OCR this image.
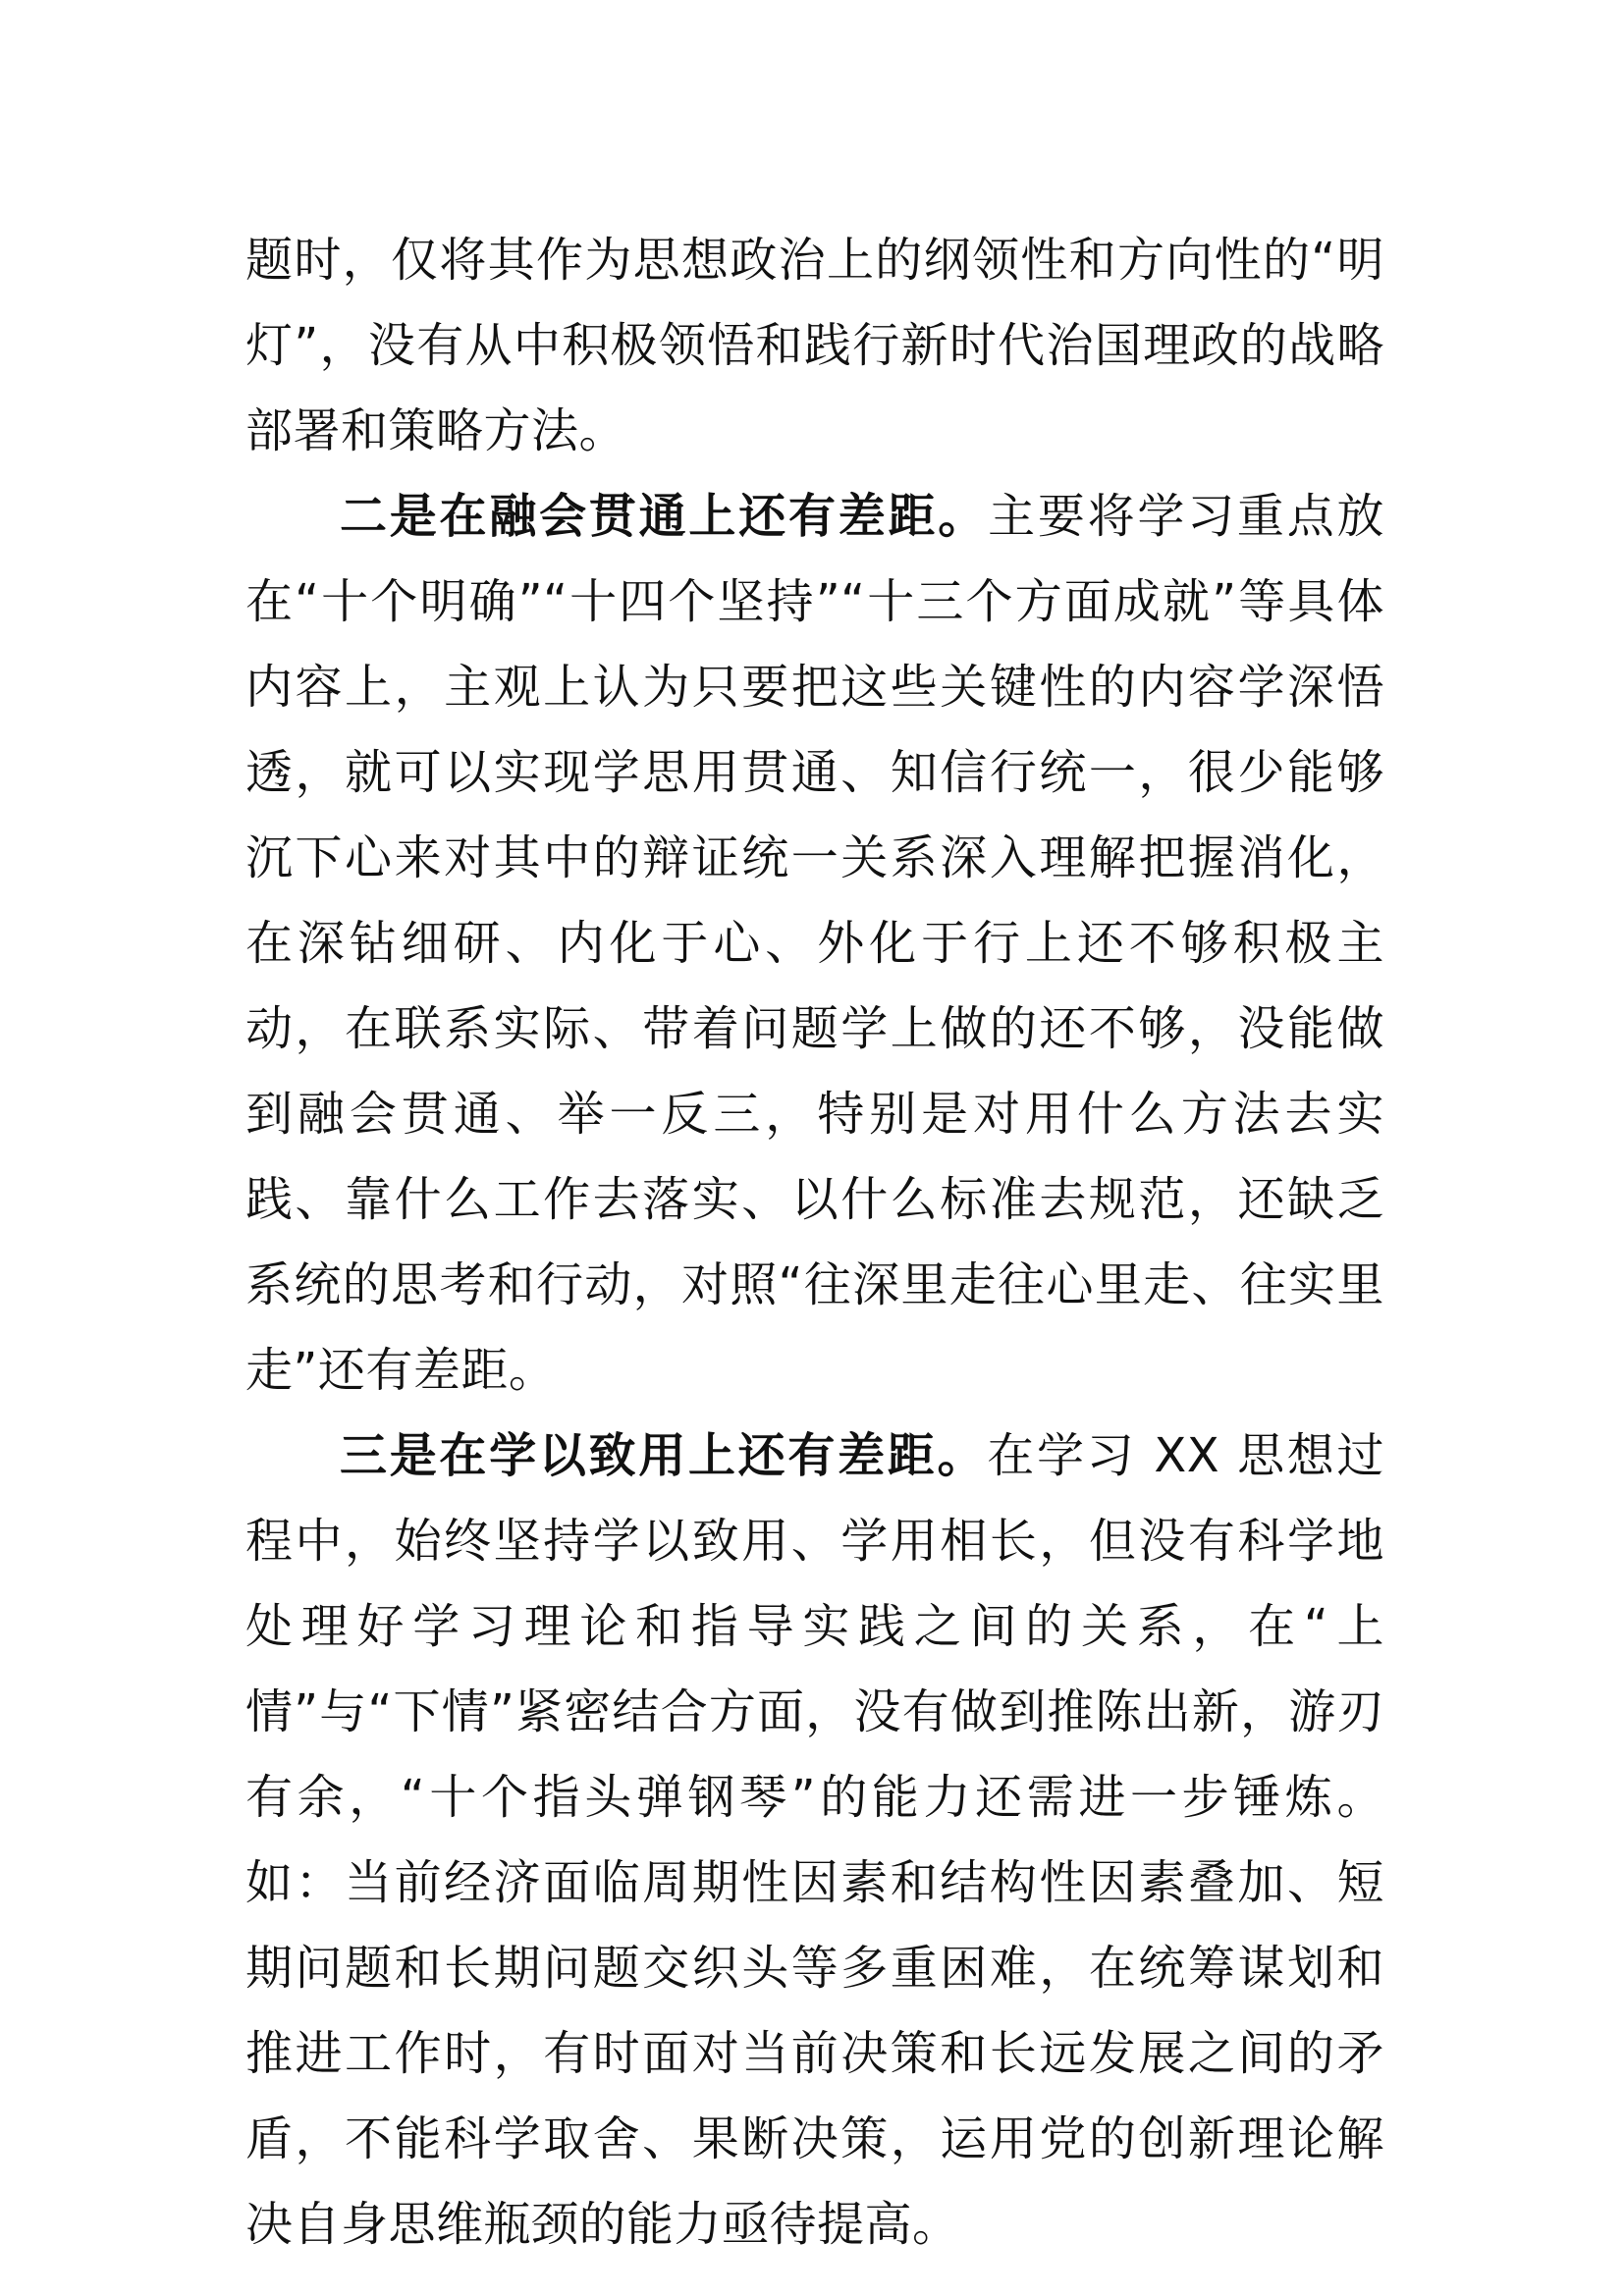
题时，仅将其作为思想政治上的纲领性和方向性的“明灯”，没有从中积极领悟和践行新时代治国理政的战略部署和策略方法。

二是在融会贯通上还有差距。主要将学习重点放在“十个明确”“十四个坚持”“十三个方面成就”等具体内容上，主观上认为只要把这些关键性的内容学深悟透，就可以实现学思用贯通、知信行统一，很少能够沉下心来对其中的辩证统一关系深入理解把握消化，在深钻细研、内化于心、外化于行上还不够积极主动，在联系实际、带着问题学上做的还不够，没能做到融会贯通、举一反三，特别是对用什么方法去实践、靠什么工作去落实、以什么标准去规范，还缺乏系统的思考和行动，对照“往深里走往心里走、往实里走”还有差距。

三是在学以致用上还有差距。在学习 XX 思想过程中，始终坚持学以致用、学用相长，但没有科学地处理好学习理论和指导实践之间的关系，在“上情”与“下情”紧密结合方面，没有做到推陈出新，游刃有余，“十个指头弹钢琴”的能力还需进一步锤炼。如：当前经济面临周期性因素和结构性因素叠加、短期问题和长期问题交织头等多重困难，在统筹谋划和推进工作时，有时面对当前决策和长远发展之间的矛盾，不能科学取舍、果断决策，运用党的创新理论解决自身思维瓶颈的能力亟待提高。
